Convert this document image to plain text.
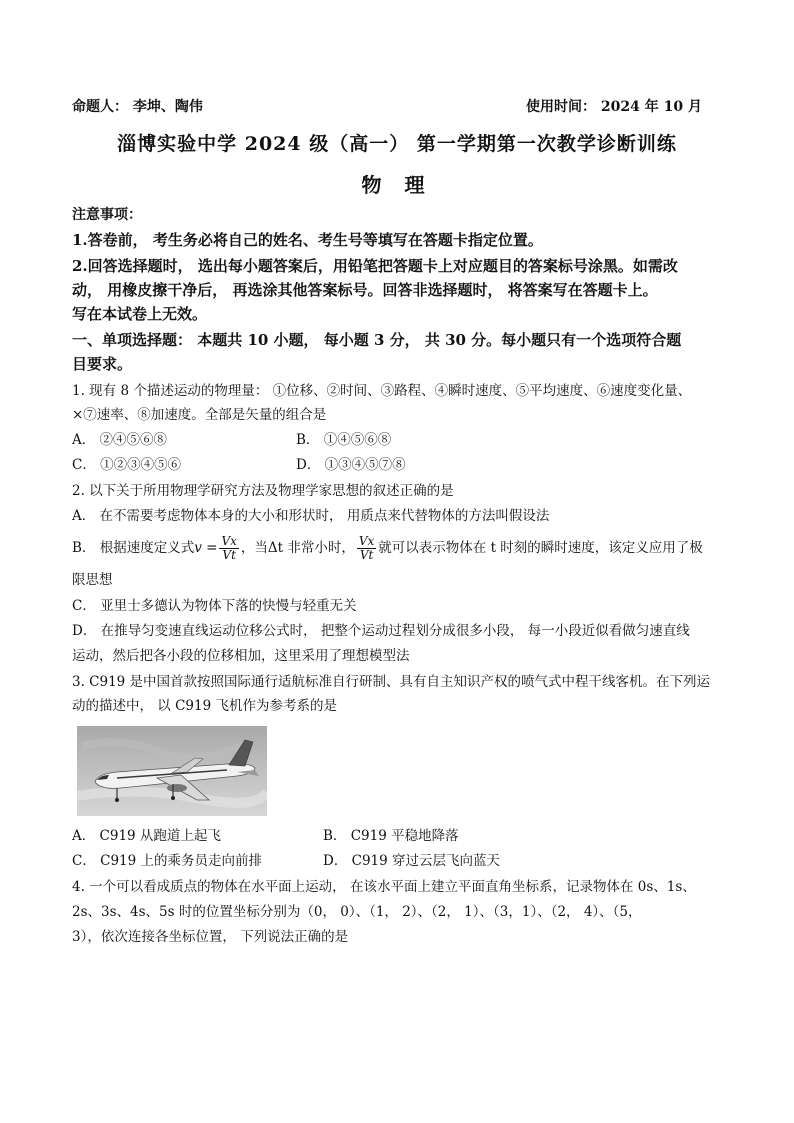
命题人： 李坤、陶伟	使用时间： 2024 年 10 月
淄博实验中学 2024 级（高一） 第一学期第一次教学诊断训练
物 理
注意事项：
1.答卷前， 考生务必将自己的姓名、考生号等填写在答题卡指定位置。
2.回答选择题时， 选出每小题答案后，用铅笔把答题卡上对应题目的答案标号涂黑。如需改
动， 用橡皮擦干净后， 再选涂其他答案标号。回答非选择题时， 将答案写在答题卡上。
写在本试卷上无效。
一、单项选择题： 本题共 10 小题， 每小题 3 分， 共 30 分。每小题只有一个选项符合题
目要求。
1. 现有 8 个描述运动的物理量： ①位移、②时间、③路程、④瞬时速度、⑤平均速度、⑥速度变化量、
×⑦速率、⑧加速度。全部是矢量的组合是
A． ②④⑤⑥⑧	B． ①④⑤⑥⑧
C． ①②③④⑤⑥	D． ①③④⑤⑦⑧
2. 以下关于所用物理学研究方法及物理学家思想的叙述正确的是
A． 在不需要考虑物体本身的大小和形状时， 用质点来代替物体的方法叫假设法
B． 根据速度定义式$v = \frac{Vx}{Vt}$ ，当Δt 非常小时， $\frac{Vx}{Vt}$ 就可以表示物体在 t 时刻的瞬时速度，该定义应用了极
限思想
C． 亚里士多德认为物体下落的快慢与轻重无关
D． 在推导匀变速直线运动位移公式时， 把整个运动过程划分成很多小段， 每一小段近似看做匀速直线
运动，然后把各小段的位移相加，这里采用了理想模型法
3. C919 是中国首款按照国际通行适航标准自行研制、具有自主知识产权的喷气式中程干线客机。在下列运
动的描述中， 以 C919 飞机作为参考系的是
A． C919 从跑道上起飞	B． C919 平稳地降落
C． C919 上的乘务员走向前排	D． C919 穿过云层飞向蓝天
4. 一个可以看成质点的物体在水平面上运动， 在该水平面上建立平面直角坐标系，记录物体在 0s、1s、
2s、3s、4s、5s 时的位置坐标分别为（0， 0）、（1， 2）、（2， 1）、（3，1）、（2， 4）、（5，
3），依次连接各坐标位置， 下列说法正确的是
